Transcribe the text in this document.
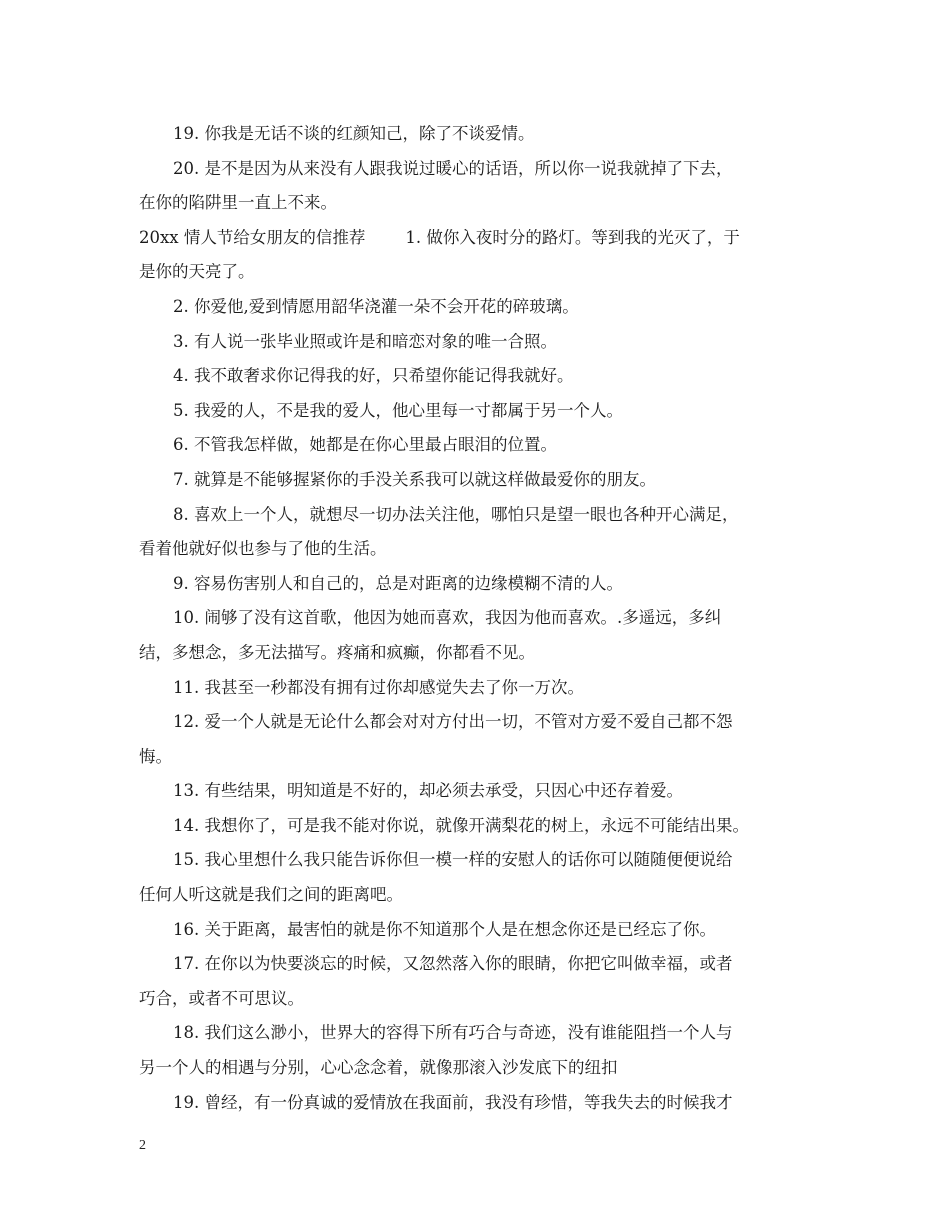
19. 你我是无话不谈的红颜知己，除了不谈爱情。
20. 是不是因为从来没有人跟我说过暖心的话语，所以你一说我就掉了下去，
在你的陷阱里一直上不来。
20xx 情人节给女朋友的信推荐 1. 做你入夜时分的路灯。等到我的光灭了，于
是你的天亮了。
2. 你爱他,爱到情愿用韶华浇灌一朵不会开花的碎玻璃。
3. 有人说一张毕业照或许是和暗恋对象的唯一合照。
4. 我不敢奢求你记得我的好，只希望你能记得我就好。
5. 我爱的人，不是我的爱人，他心里每一寸都属于另一个人。
6. 不管我怎样做，她都是在你心里最占眼泪的位置。
7. 就算是不能够握紧你的手没关系我可以就这样做最爱你的朋友。
8. 喜欢上一个人，就想尽一切办法关注他，哪怕只是望一眼也各种开心满足，
看着他就好似也参与了他的生活。
9. 容易伤害别人和自己的，总是对距离的边缘模糊不清的人。
10. 闹够了没有这首歌，他因为她而喜欢，我因为他而喜欢。.多遥远，多纠
结，多想念，多无法描写。疼痛和疯癫，你都看不见。
11. 我甚至一秒都没有拥有过你却感觉失去了你一万次。
12. 爱一个人就是无论什么都会对对方付出一切，不管对方爱不爱自己都不怨
悔。
13. 有些结果，明知道是不好的，却必须去承受，只因心中还存着爱。
14. 我想你了，可是我不能对你说，就像开满梨花的树上，永远不可能结出果。
15. 我心里想什么我只能告诉你但一模一样的安慰人的话你可以随随便便说给
任何人听这就是我们之间的距离吧。
16. 关于距离，最害怕的就是你不知道那个人是在想念你还是已经忘了你。
17. 在你以为快要淡忘的时候，又忽然落入你的眼睛，你把它叫做幸福，或者
巧合，或者不可思议。
18. 我们这么渺小，世界大的容得下所有巧合与奇迹，没有谁能阻挡一个人与
另一个人的相遇与分别，心心念念着，就像那滚入沙发底下的纽扣
19. 曾经，有一份真诚的爱情放在我面前，我没有珍惜，等我失去的时候我才
2
